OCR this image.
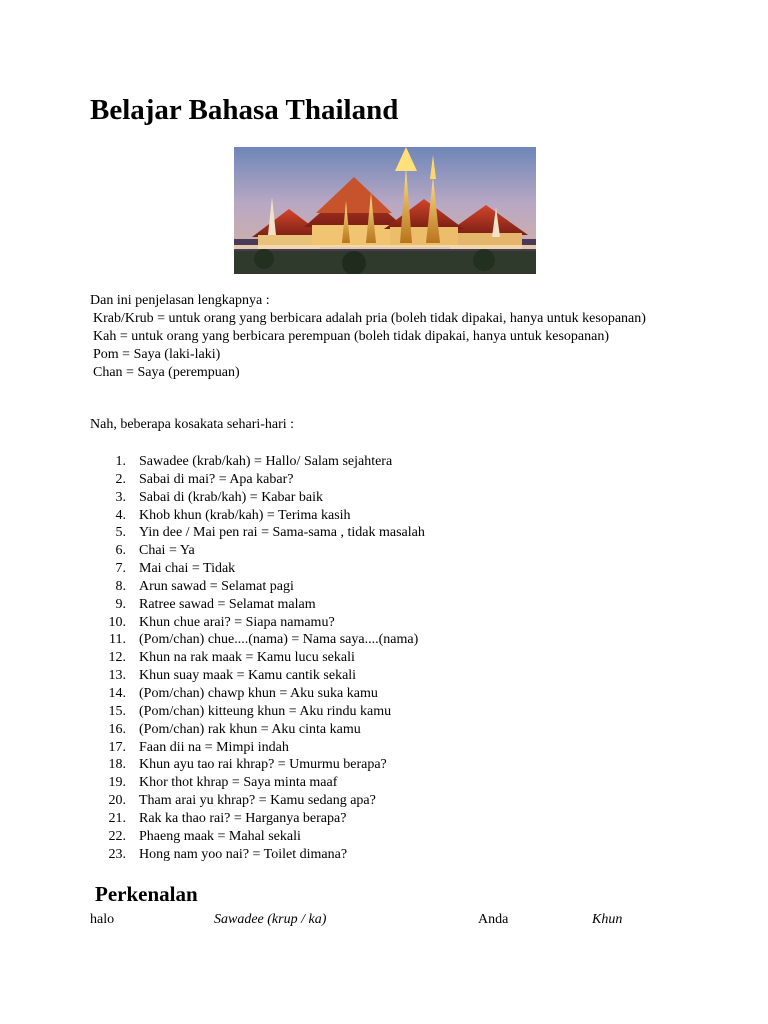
Belajar Bahasa Thailand

Dan ini penjelasan lengkapnya :

Krab/Krub = untuk orang yang berbicara adalah pria (boleh tidak dipakai, hanya untuk kesopanan)

Kah = untuk orang yang berbicara perempuan (boleh tidak dipakai, hanya untuk kesopanan)

Pom = Saya (laki-laki)

Chan = Saya (perempuan)

Nah, beberapa kosakata sehari-hari :

1. Sawadee (krab/kah) = Hallo/ Salam sejahtera
2. Sabai di mai? = Apa kabar?
3. Sabai di (krab/kah) = Kabar baik
4. Khob khun (krab/kah) = Terima kasih
5. Yin dee / Mai pen rai = Sama-sama , tidak masalah
6. Chai = Ya
7. Mai chai = Tidak
8. Arun sawad = Selamat pagi
9. Ratree sawad = Selamat malam
10. Khun chue arai? = Siapa namamu?
11. (Pom/chan) chue....(nama) = Nama saya....(nama)
12. Khun na rak maak = Kamu lucu sekali
13. Khun suay maak = Kamu cantik sekali
14. (Pom/chan) chawp khun = Aku suka kamu
15. (Pom/chan) kitteung khun = Aku rindu kamu
16. (Pom/chan) rak khun = Aku cinta kamu
17. Faan dii na = Mimpi indah
18. Khun ayu tao rai khrap? = Umurmu berapa?
19. Khor thot khrap = Saya minta maaf
20. Tham arai yu khrap? = Kamu sedang apa?
21. Rak ka thao rai? = Harganya berapa?
22. Phaeng maak = Mahal sekali
23. Hong nam yoo nai? = Toilet dimana?
Perkenalan
halo	Sawadee (krup / ka)	Anda	Khun
